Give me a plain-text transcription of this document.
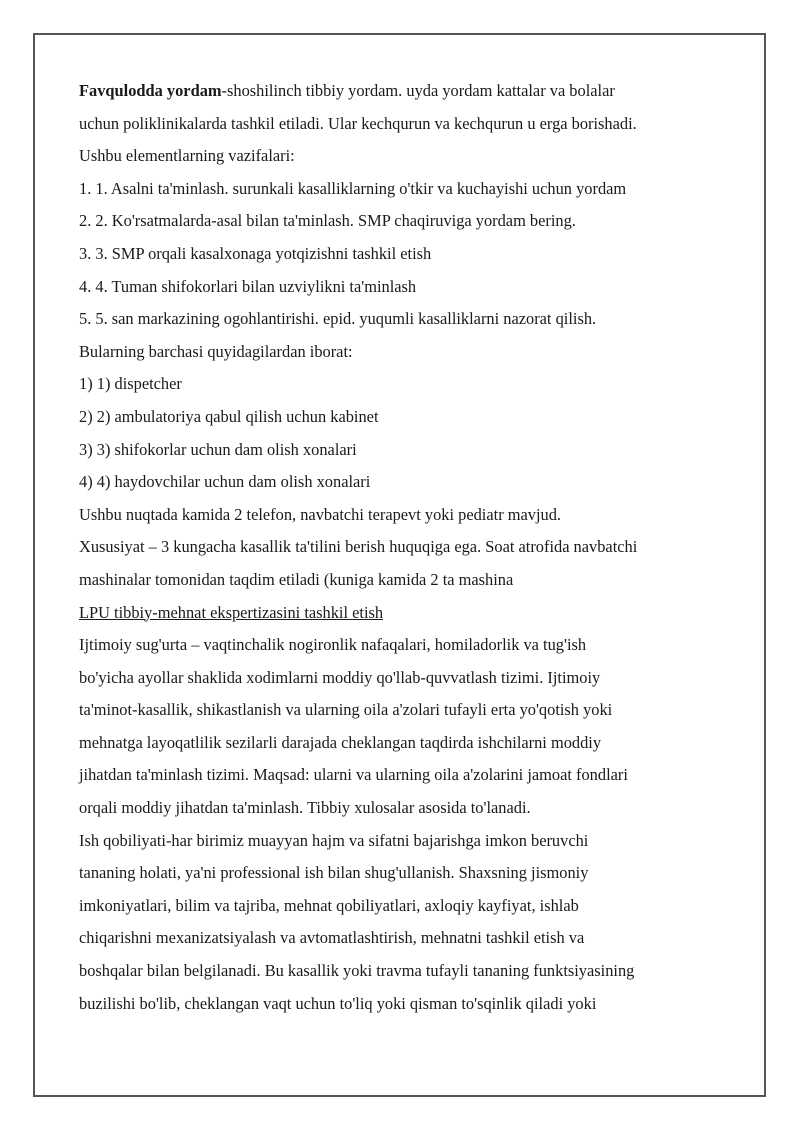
Favqulodda yordam-shoshilinch tibbiy yordam. uyda yordam kattalar va bolalar
uchun poliklinikalarda tashkil etiladi. Ular kechqurun va kechqurun u erga borishadi.
Ushbu elementlarning vazifalari:
1. 1. Asalni ta'minlash. surunkali kasalliklarning o'tkir va kuchayishi uchun yordam
2. 2. Ko'rsatmalarda-asal bilan ta'minlash. SMP chaqiruviga yordam bering.
3. 3. SMP orqali kasalxonaga yotqizishni tashkil etish
4. 4. Tuman shifokorlari bilan uzviylikni ta'minlash
5. 5. san markazining ogohlantirishi. epid. yuqumli kasalliklarni nazorat qilish.
Bularning barchasi quyidagilardan iborat:
1) 1) dispetcher
2) 2) ambulatoriya qabul qilish uchun kabinet
3) 3) shifokorlar uchun dam olish xonalari
4) 4) haydovchilar uchun dam olish xonalari
Ushbu nuqtada kamida 2 telefon, navbatchi terapevt yoki pediatr mavjud.
Xususiyat – 3 kungacha kasallik ta'tilini berish huquqiga ega. Soat atrofida navbatchi
mashinalar tomonidan taqdim etiladi (kuniga kamida 2 ta mashina
LPU tibbiy-mehnat ekspertizasini tashkil etish
Ijtimoiy sug'urta – vaqtinchalik nogironlik nafaqalari, homiladorlik va tug'ish
bo'yicha ayollar shaklida xodimlarni moddiy qo'llab-quvvatlash tizimi. Ijtimoiy
ta'minot-kasallik, shikastlanish va ularning oila a'zolari tufayli erta yo'qotish yoki
mehnatga layoqatlilik sezilarli darajada cheklangan taqdirda ishchilarni moddiy
jihatdan ta'minlash tizimi. Maqsad: ularni va ularning oila a'zolarini jamoat fondlari
orqali moddiy jihatdan ta'minlash. Tibbiy xulosalar asosida to'lanadi.
Ish qobiliyati-har birimiz muayyan hajm va sifatni bajarishga imkon beruvchi
tananing holati, ya'ni professional ish bilan shug'ullanish. Shaxsning jismoniy
imkoniyatlari, bilim va tajriba, mehnat qobiliyatlari, axloqiy kayfiyat, ishlab
chiqarishni mexanizatsiyalash va avtomatlashtirish, mehnatni tashkil etish va
boshqalar bilan belgilanadi. Bu kasallik yoki travma tufayli tananing funktsiyasining
buzilishi bo'lib, cheklangan vaqt uchun to'liq yoki qisman to'sqinlik qiladi yoki
